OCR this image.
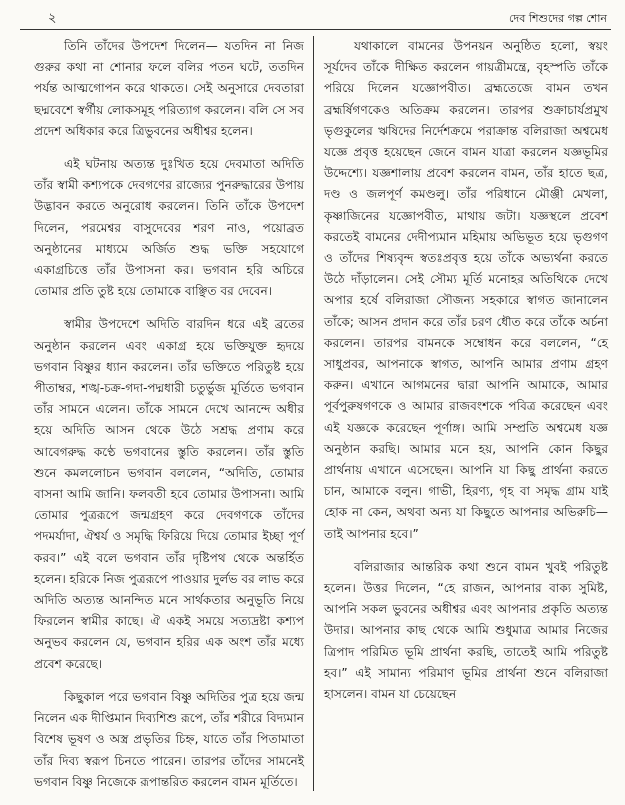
২	দেব শিশুদের গল্প শোন

তিনি তাঁদের উপদেশ দিলেন— যতদিন না নিজ গুরুর কথা না শোনার ফলে বলির পতন ঘটে, ততদিন পর্যন্ত আত্মগোপন করে থাকতে। সেই অনুসারে দেবতারা ছদ্মবেশে স্বর্গীয় লোকসমূহ পরিত্যাগ করলেন। বলি সে সব প্রদেশ অধিকার করে ত্রিভুবনের অধীশ্বর হলেন।

এই ঘটনায় অত্যন্ত দুঃখিত হয়ে দেবমাতা অদিতি তাঁর স্বামী কশ্যপকে দেবগণের রাজ্যের পুনরুদ্ধারের উপায় উদ্ভাবন করতে অনুরোধ করলেন। তিনি তাঁকে উপদেশ দিলেন, পরমেশ্বর বাসুদেবের শরণ নাও, পয়োব্রত অনুষ্ঠানের মাধ্যমে অর্জিত শুদ্ধ ভক্তি সহযোগে একাগ্রচিত্তে তাঁর উপাসনা কর। ভগবান হরি অচিরে তোমার প্রতি তুষ্ট হয়ে তোমাকে বাঞ্ছিত বর দেবেন।

স্বামীর উপদেশে অদিতি বারদিন ধরে এই ব্রতের অনুষ্ঠান করলেন এবং একাগ্র হয়ে ভক্তিযুক্ত হৃদয়ে ভগবান বিষ্ণুর ধ্যান করলেন। তাঁর ভক্তিতে পরিতুষ্ট হয়ে পীতাম্বর, শঙ্খ-চক্র-গদা-পদ্মধারী চতুর্ভুজ মূর্তিতে ভগবান তাঁর সামনে এলেন। তাঁকে সামনে দেখে আনন্দে অধীর হয়ে অদিতি আসন থেকে উঠে সশ্রদ্ধ প্রণাম করে আবেগরুদ্ধ কণ্ঠে ভগবানের স্তুতি করলেন। তাঁর স্তুতি শুনে কমললোচন ভগবান বললেন, “অদিতি, তোমার বাসনা আমি জানি। ফলবতী হবে তোমার উপাসনা। আমি তোমার পুত্ররূপে জন্মগ্রহণ করে দেবগণকে তাঁদের পদমর্যাদা, ঐশ্বর্য ও সমৃদ্ধি ফিরিয়ে দিয়ে তোমার ইচ্ছা পূর্ণ করব।” এই বলে ভগবান তাঁর দৃষ্টিপথ থেকে অন্তর্হিত হলেন। হরিকে নিজ পুত্ররূপে পাওয়ার দুর্লভ বর লাভ করে অদিতি অত্যন্ত আনন্দিত মনে সার্থকতার অনুভূতি নিয়ে ফিরলেন স্বামীর কাছে। ঐ একই সময়ে সত্যদ্রষ্টা কশ্যপ অনুভব করলেন যে, ভগবান হরির এক অংশ তাঁর মধ্যে প্রবেশ করেছে।

কিছুকাল পরে ভগবান বিষ্ণু অদিতির পুত্র হয়ে জন্ম নিলেন এক দীপ্তিমান দিব্যশিশু রূপে, তাঁর শরীরে বিদ্যমান বিশেষ ভূষণ ও অস্ত্র প্রভৃতির চিহ্ন, যাতে তাঁর পিতামাতা তাঁর দিব্য স্বরূপ চিনতে পারেন। তারপর তাঁদের সামনেই ভগবান বিষ্ণু নিজেকে রূপান্তরিত করলেন বামন মূর্তিতে।

যথাকালে বামনের উপনয়ন অনুষ্ঠিত হলো, স্বয়ং সূর্যদেব তাঁকে দীক্ষিত করলেন গায়ত্রীমন্ত্রে, বৃহস্পতি তাঁকে পরিয়ে দিলেন যজ্ঞোপবীত। ব্রহ্মতেজে বামন তখন ব্রহ্মর্ষিগণকেও অতিক্রম করলেন। তারপর শুক্রাচার্যপ্রমুখ ভৃগুকুলের ঋষিদের নির্দেশক্রমে পরাক্রান্ত বলিরাজা অশ্বমেধ যজ্ঞে প্রবৃত্ত হয়েছেন জেনে বামন যাত্রা করলেন যজ্ঞভূমির উদ্দেশ্যে। যজ্ঞশালায় প্রবেশ করলেন বামন, তাঁর হাতে ছত্র, দণ্ড ও জলপূর্ণ কমণ্ডলু। তাঁর পরিধানে মৌঞ্জী মেখলা, কৃষ্ণাজিনের যজ্ঞোপবীত, মাথায় জটা। যজ্ঞস্থলে প্রবেশ করতেই বামনের দেদীপ্যমান মহিমায় অভিভূত হয়ে ভৃগুগণ ও তাঁদের শিষ্যবৃন্দ স্বতঃপ্রবৃত্ত হয়ে তাঁকে অভ্যর্থনা করতে উঠে দাঁড়ালেন। সেই সৌম্য মূর্তি মনোহর অতিথিকে দেখে অপার হর্ষে বলিরাজা সৌজন্য সহকারে স্বাগত জানালেন তাঁকে; আসন প্রদান করে তাঁর চরণ ধৌত করে তাঁকে অর্চনা করলেন। তারপর বামনকে সম্বোধন করে বললেন, “হে সাধুপ্রবর, আপনাকে স্বাগত, আপনি আমার প্রণাম গ্রহণ করুন। এখানে আগমনের দ্বারা আপনি আমাকে, আমার পূর্বপুরুষগণকে ও আমার রাজবংশকে পবিত্র করেছেন এবং এই যজ্ঞকে করেছেন পূর্ণাঙ্গ। আমি সম্প্রতি অশ্বমেধ যজ্ঞ অনুষ্ঠান করছি। আমার মনে হয়, আপনি কোন কিছুর প্রার্থনায় এখানে এসেছেন। আপনি যা কিছু প্রার্থনা করতে চান, আমাকে বলুন। গাভী, হিরণ্য, গৃহ বা সমৃদ্ধ গ্রাম যাই হোক না কেন, অথবা অন্য যা কিছুতে আপনার অভিরুচি— তাই আপনার হবে।”

বলিরাজার আন্তরিক কথা শুনে বামন খুবই পরিতুষ্ট হলেন। উত্তর দিলেন, “হে রাজন, আপনার বাক্য সুমিষ্ট, আপনি সকল ভুবনের অধীশ্বর এবং আপনার প্রকৃতি অত্যন্ত উদার। আপনার কাছ থেকে আমি শুধুমাত্র আমার নিজের ত্রিপাদ পরিমিত ভূমি প্রার্থনা করছি, তাতেই আমি পরিতুষ্ট হব।” এই সামান্য পরিমাণ ভূমির প্রার্থনা শুনে বলিরাজা হাসলেন। বামন যা চেয়েছেন
